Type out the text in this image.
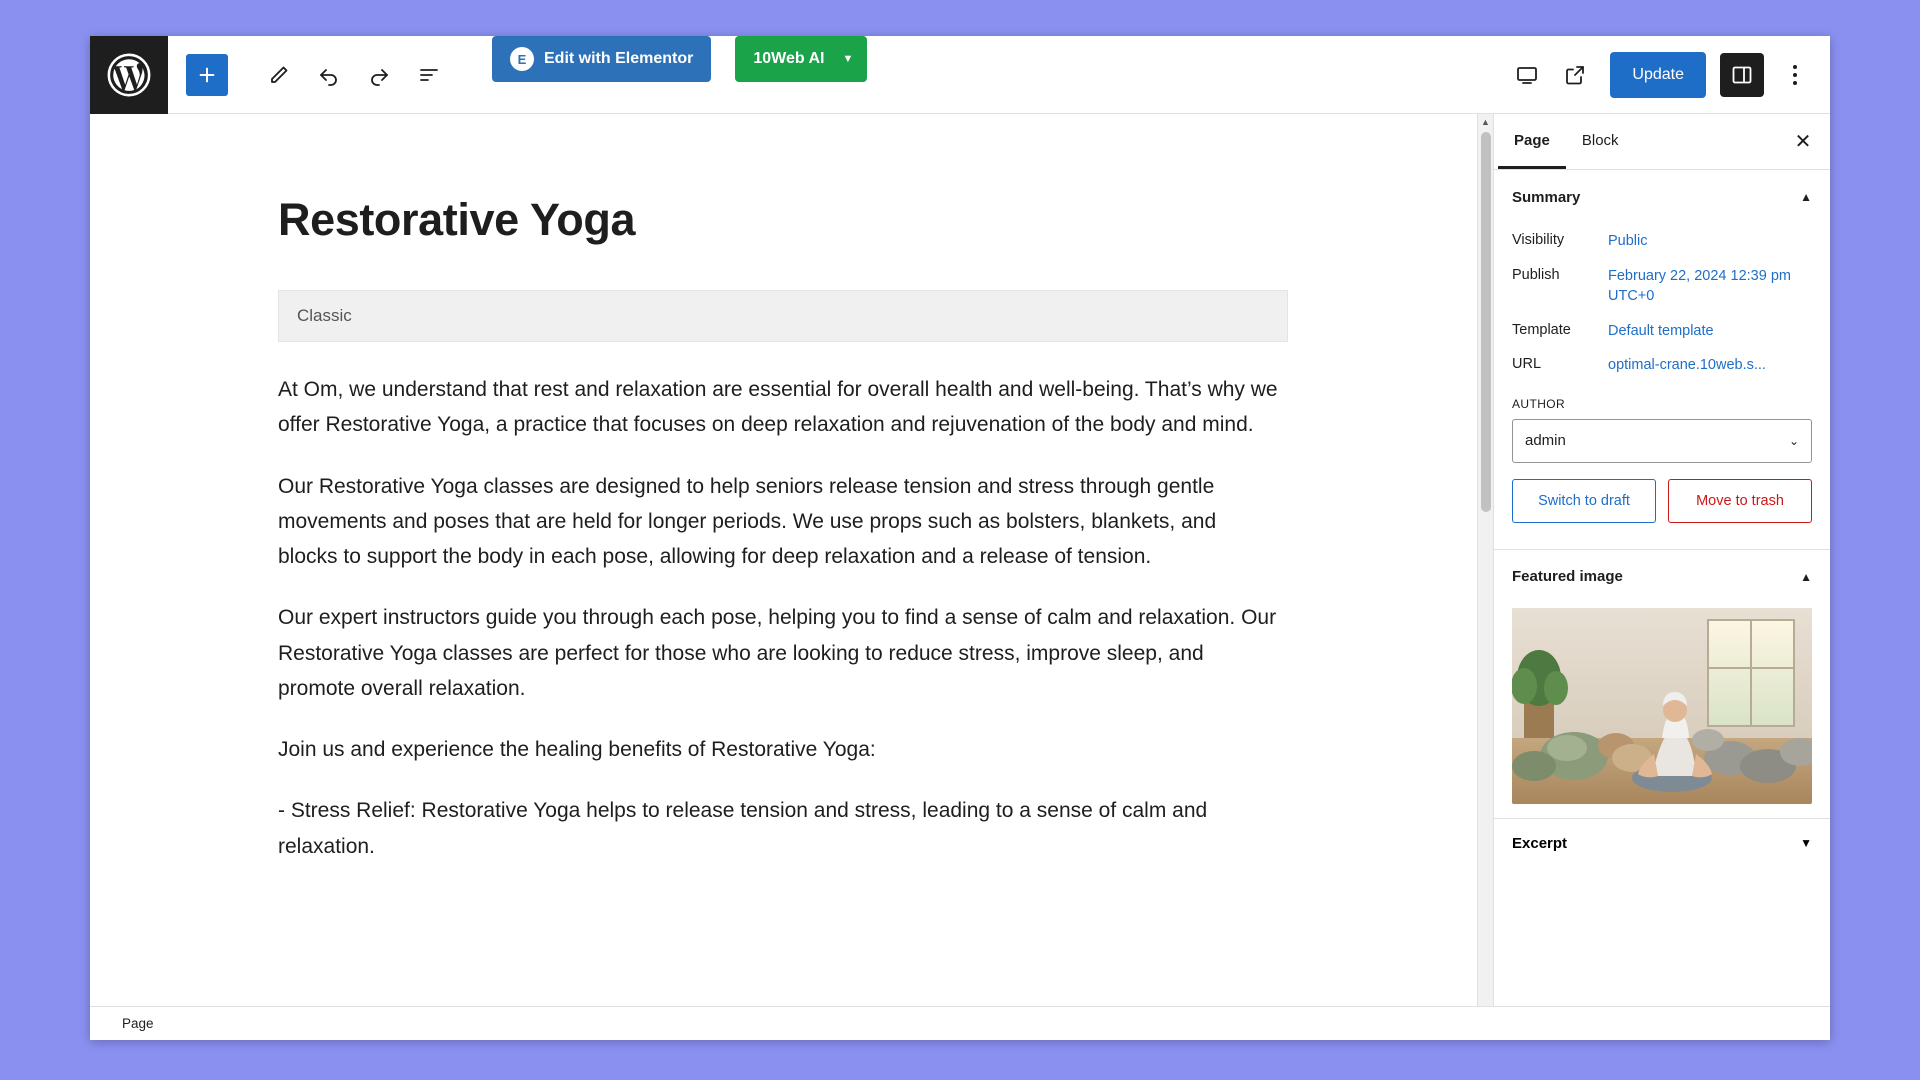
E	Edit with Elementor	10Web AI ▼
Update
Restorative Yoga
Classic

At Om, we understand that rest and relaxation are essential for overall health and well-being. That’s why we offer Restorative Yoga, a practice that focuses on deep relaxation and rejuvenation of the body and mind.

Our Restorative Yoga classes are designed to help seniors release tension and stress through gentle movements and poses that are held for longer periods. We use props such as bolsters, blankets, and blocks to support the body in each pose, allowing for deep relaxation and a release of tension.

Our expert instructors guide you through each pose, helping you to find a sense of calm and relaxation. Our Restorative Yoga classes are perfect for those who are looking to reduce stress, improve sleep, and promote overall relaxation.

Join us and experience the healing benefits of Restorative Yoga:

- Stress Relief: Restorative Yoga helps to release tension and stress, leading to a sense of calm and relaxation.

▲
Page Block	✕
Summary	▲
Visibility	Public
Publish	February 22, 2024 12:39 pm UTC+0
Template	Default template
URL	optimal-crane.10web.s...
AUTHOR
admin	⌄
Switch to draft	Move to trash
Featured image	▲
Excerpt	▼
Page
